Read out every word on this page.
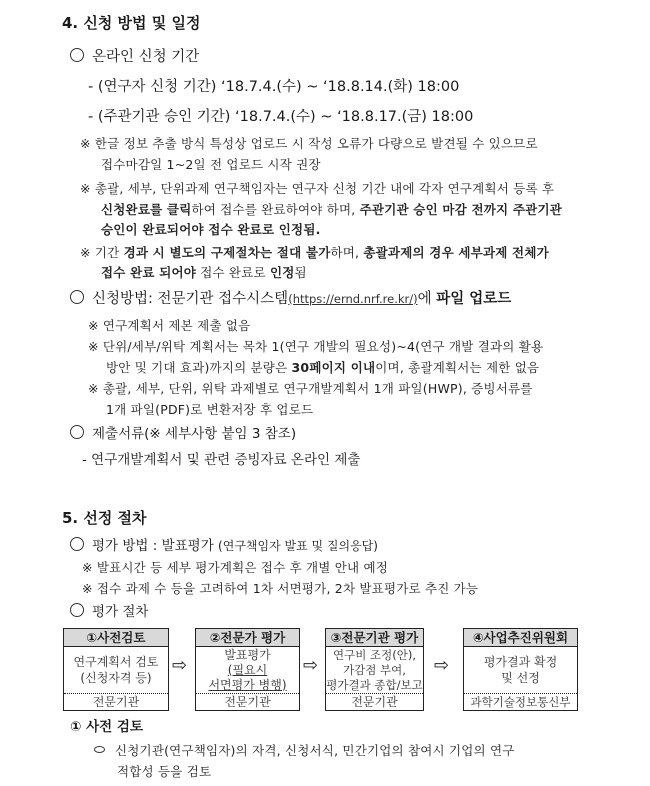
4. 신청 방법 및 일정
온라인 신청 기간
- (연구자 신청 기간) ‘18.7.4.(수) ~ ‘18.8.14.(화) 18:00
- (주관기관 승인 기간) ‘18.7.4.(수) ~ ‘18.8.17.(금) 18:00
※ 한글 정보 추출 방식 특성상 업로드 시 작성 오류가 다량으로 발견될 수 있으므로
접수마감일 1~2일 전 업로드 시작 권장
※ 총괄, 세부, 단위과제 연구책임자는 연구자 신청 기간 내에 각자 연구계획서 등록 후
신청완료를 클릭하여 접수를 완료하여야 하며, 주관기관 승인 마감 전까지 주관기관
승인이 완료되어야 접수 완료로 인정됨.
※ 기간 경과 시 별도의 구제절차는 절대 불가하며, 총괄과제의 경우 세부과제 전체가
접수 완료 되어야 접수 완료로 인정됨
신청방법: 전문기관 접수시스템(https://ernd.nrf.re.kr/)에 파일 업로드
※ 연구계획서 제본 제출 없음
※ 단위/세부/위탁 계획서는 목차 1(연구 개발의 필요성)~4(연구 개발 결과의 활용
방안 및 기대 효과)까지의 분량은 30페이지 이내이며, 총괄계획서는 제한 없음
※ 총괄, 세부, 단위, 위탁 과제별로 연구개발계획서 1개 파일(HWP), 증빙서류를
1개 파일(PDF)로 변환저장 후 업로드
제출서류(※ 세부사항 붙임 3 참조)
- 연구개발계획서 및 관련 증빙자료 온라인 제출
5. 선정 절차
평가 방법 : 발표평가 (연구책임자 발표 및 질의응답)
※ 발표시간 등 세부 평가계획은 접수 후 개별 안내 예정
※ 접수 과제 수 등을 고려하여 1차 서면평가, 2차 발표평가로 추진 가능
평가 절차
①사전검토
연구계획서 검토
(신청자격 등)
전문기관
⇨
②전문가 평가
발표평가
(필요시
서면평가 병행)
전문기관
⇨
③전문기관 평가
연구비 조정(안),
가감점 부여,
평가결과 종합/보고
전문기관
⇨
④사업추진위원회
평가결과 확정
및 선정
과학기술정보통신부
① 사전 검토
신청기관(연구책임자)의 자격, 신청서식, 민간기업의 참여시 기업의 연구
적합성 등을 검토
